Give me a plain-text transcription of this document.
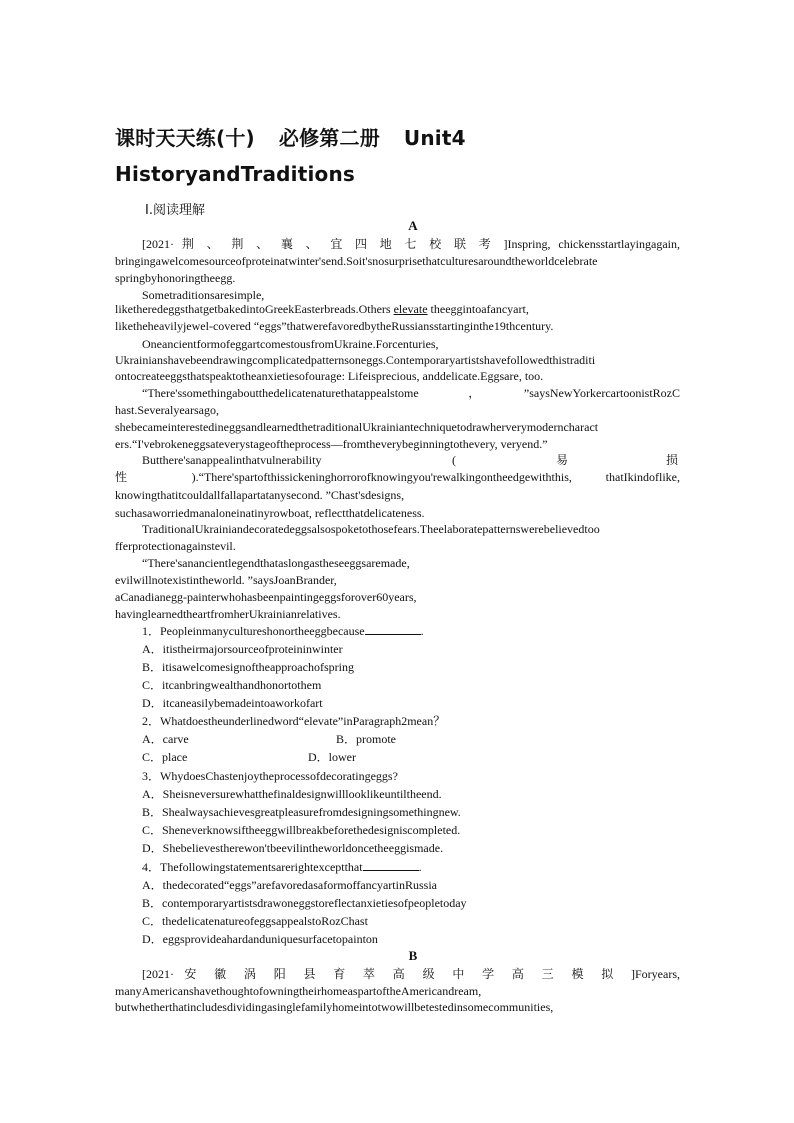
课时天天练(十) 必修第二册 Unit4
HistoryandTraditions
Ⅰ.阅读理解
A
[2021· 荆 、 荆 、 襄 、 宜 四 地 七 校 联 考 ]Inspring, chickensstartlayingagain,
bringingawelcomesourceofproteinatwinter'send.Soit'snosurprisethatculturesaroundtheworldcelebrate
springbyhonoringtheegg.
Sometraditionsaresimple,
liketheredeggsthatgetbakedintoGreekEasterbreads.Others elevate theeggintoafancyart,
liketheheavilyjewel-covered “eggs”thatwerefavoredbytheRussiansstartinginthe19thcentury.
OneancientformofeggartcomestousfromUkraine.Forcenturies,
Ukrainianshavebeendrawingcomplicatedpatternsoneggs.Contemporaryartistshavefollowedthistraditi
ontocreateeggsthatspeaktotheanxietiesofourage: Lifeisprecious, anddelicate.Eggsare, too.
“There'ssomethingaboutthedelicatenaturethatappealstome，”saysNewYorkercartoonistRozC
hast.Severalyearsago,
shebecameinterestedineggsandlearnedthetraditionalUkrainiantechniquetodrawherverymoderncharact
ers.“I'vebrokeneggsateverystageoftheprocess—fromtheverybeginningtothevery, veryend.”
Butthere'sanappealinthatvulnerability	(	易	损
性 ).“There'spartofthissickeninghorrorofknowingyou'rewalkingontheedgewiththis, thatIkindoflike,
knowingthatitcouldallfallapartatanysecond. ”Chast'sdesigns,
suchasaworriedmanaloneinatinyrowboat, reflectthatdelicateness.
TraditionalUkrainiandecoratedeggsalsospoketothosefears.Theelaboratepatternswerebelievedtoo
fferprotectionagainstevil.
“There'sanancientlegendthataslongastheseeggsaremade,
evilwillnotexistintheworld. ”saysJoanBrander,
aCanadianegg-painterwhohasbeenpaintingeggsforover60years,
havinglearnedtheartfromherUkrainianrelatives.
1．Peopleinmanycultureshonortheeggbecause	.
A．itistheirmajorsourceofproteininwinter
B．itisawelcomesignoftheapproachofspring
C．itcanbringwealthandhonortothem
D．itcaneasilybemadeintoaworkofart
2．Whatdoestheunderlinedword“elevate”inParagraph2mean？
A．carve	B．promote
C．place	D．lower
3．WhydoesChastenjoytheprocessofdecoratingeggs?
A．Sheisneversurewhatthefinaldesignwilllooklikeuntiltheend.
B．Shealwaysachievesgreatpleasurefromdesigningsomethingnew.
C．Sheneverknowsiftheeggwillbreakbeforethedesigniscompleted.
D．Shebelievestherewon'tbeevilintheworldoncetheeggismade.
4．Thefollowingstatementsarerightexceptthat	.
A．thedecorated“eggs”arefavoredasaformoffancyartinRussia
B．contemporaryartistsdrawoneggstoreflectanxietiesofpeopletoday
C．thedelicatenatureofeggsappealstoRozChast
D．eggsprovideahardanduniquesurfacetopainton
B
[2021· 安 徽 涡 阳 县 育 萃 高 级 中 学 高 三 模 拟 ]Foryears,
manyAmericanshavethoughtofowningtheirhomeaspartoftheAmericandream,
butwhetherthatincludesdividingasinglefamilyhomeintotwowillbetestedinsomecommunities,
